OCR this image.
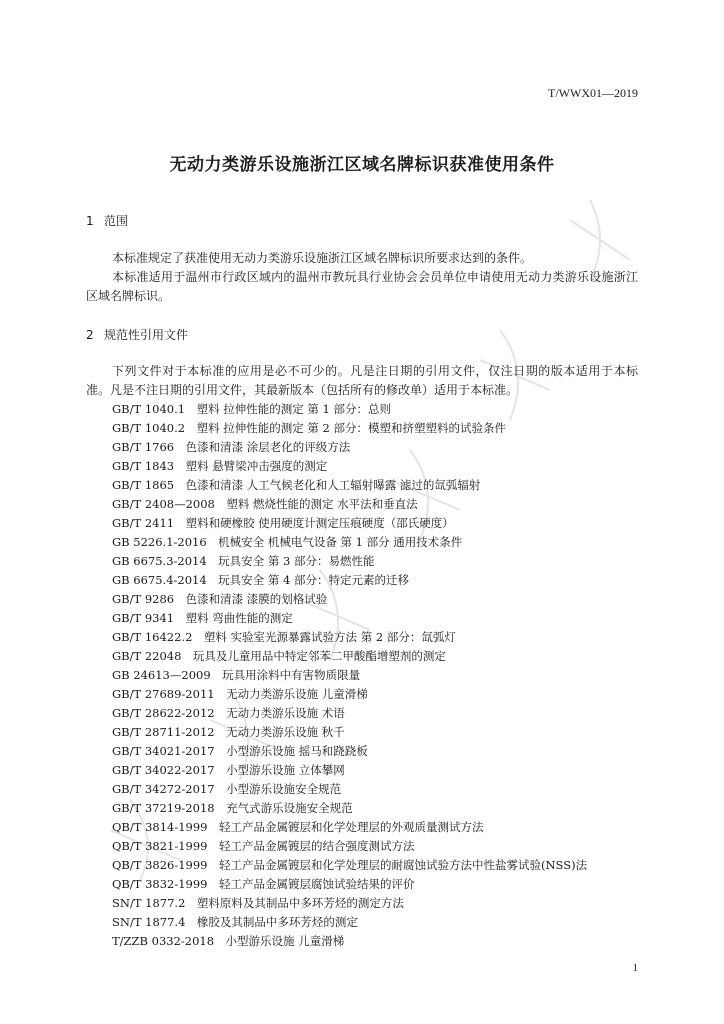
T/WWX01—2019
无动力类游乐设施浙江区域名牌标识获准使用条件
1 范围
本标准规定了获准使用无动力类游乐设施浙江区域名牌标识所要求达到的条件。
本标准适用于温州市行政区域内的温州市教玩具行业协会会员单位申请使用无动力类游乐设施浙江区域名牌标识。
2 规范性引用文件
下列文件对于本标准的应用是必不可少的。凡是注日期的引用文件，仅注日期的版本适用于本标准。凡是不注日期的引用文件，其最新版本（包括所有的修改单）适用于本标准。
GB/T 1040.1　塑料 拉伸性能的测定 第 1 部分：总则
GB/T 1040.2　塑料 拉伸性能的测定 第 2 部分：模塑和挤塑塑料的试验条件
GB/T 1766　色漆和清漆 涂层老化的评级方法
GB/T 1843　塑料 悬臂梁冲击强度的测定
GB/T 1865　色漆和清漆 人工气候老化和人工辐射曝露 滤过的氙弧辐射
GB/T 2408—2008　塑料 燃烧性能的测定 水平法和垂直法
GB/T 2411　塑料和硬橡胶 使用硬度计测定压痕硬度（邵氏硬度）
GB 5226.1-2016　机械安全 机械电气设备 第 1 部分 通用技术条件
GB 6675.3-2014　玩具安全 第 3 部分：易燃性能
GB 6675.4-2014　玩具安全 第 4 部分：特定元素的迁移
GB/T 9286　色漆和清漆 漆膜的划格试验
GB/T 9341　塑料 弯曲性能的测定
GB/T 16422.2　塑料 实验室光源暴露试验方法 第 2 部分：氙弧灯
GB/T 22048　玩具及儿童用品中特定邻苯二甲酸酯增塑剂的测定
GB 24613—2009　玩具用涂料中有害物质限量
GB/T 27689-2011　无动力类游乐设施 儿童滑梯
GB/T 28622-2012　无动力类游乐设施 术语
GB/T 28711-2012　无动力类游乐设施 秋千
GB/T 34021-2017　小型游乐设施 摇马和跷跷板
GB/T 34022-2017　小型游乐设施 立体攀网
GB/T 34272-2017　小型游乐设施安全规范
GB/T 37219-2018　充气式游乐设施安全规范
QB/T 3814-1999　轻工产品金属镀层和化学处理层的外观质量测试方法
QB/T 3821-1999　轻工产品金属镀层的结合强度测试方法
QB/T 3826-1999　轻工产品金属镀层和化学处理层的耐腐蚀试验方法中性盐雾试验(NSS)法
QB/T 3832-1999　轻工产品金属镀层腐蚀试验结果的评价
SN/T 1877.2　塑料原料及其制品中多环芳烃的测定方法
SN/T 1877.4　橡胶及其制品中多环芳烃的测定
T/ZZB 0332-2018　小型游乐设施 儿童滑梯
1
